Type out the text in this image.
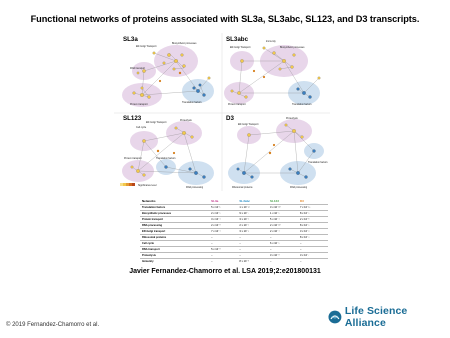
Functional networks of proteins associated with SL3a, SL3abc, SL123, and D3 transcripts.
SL3a	SL3abc
SL123	D3
ER-Golgi Transport
Biosynthetic processes
RNA transport
Translation factors
Protein transport
ER-Golgi Transport
Immunity
Biosynthetic processes
Translation factors
Protein transport
Cell cycle
ER-Golgi Transport
Proteolysis
Translation factors
RNA processing
Protein transport
Significance level
Proteolysis
ER-Golgi Transport
Ribosomal proteins	RNA processing
Translation factors
Networks	SL3a	SL3abc	SL123	D3
Translation factors	5 x 10⁻¹	1 x 10⁻¹⁴	3 x 10⁻¹⁰	7 x 10⁻¹⁵
Biosynthetic processes	2 x 10⁻⁵	9 x 10⁻⁷	1 x 10⁻⁵	8 x 10⁻⁵
Protein transport	3 x 10⁻⁴	3 x 10⁻⁴	5 x 10⁻⁴	2 x 10⁻³
RNA processing	2 x 10⁻³	2 x 10⁻⁴	2 x 10⁻¹⁰	8 x 10⁻⁵
ER-Golgi transport	7 x 10⁻⁴	3 x 10⁻⁵	2 x 10⁻⁴	3 x 10⁻⁶
Ribosomal proteins	–	–	–	8 x 10⁻⁸
Cell cycle	–	–	6 x 10⁻⁵	–
RNA transport	5 x 10⁻³	–	–	–
Proteolysis	–	–	3 x 10⁻³	3 x 10⁻⁷
Immunity	–	8 x 10⁻³	–	–
Javier Fernandez-Chamorro et al. LSA 2019;2:e201800131
© 2019 Fernandez-Chamorro et al.
Life Science Alliance
